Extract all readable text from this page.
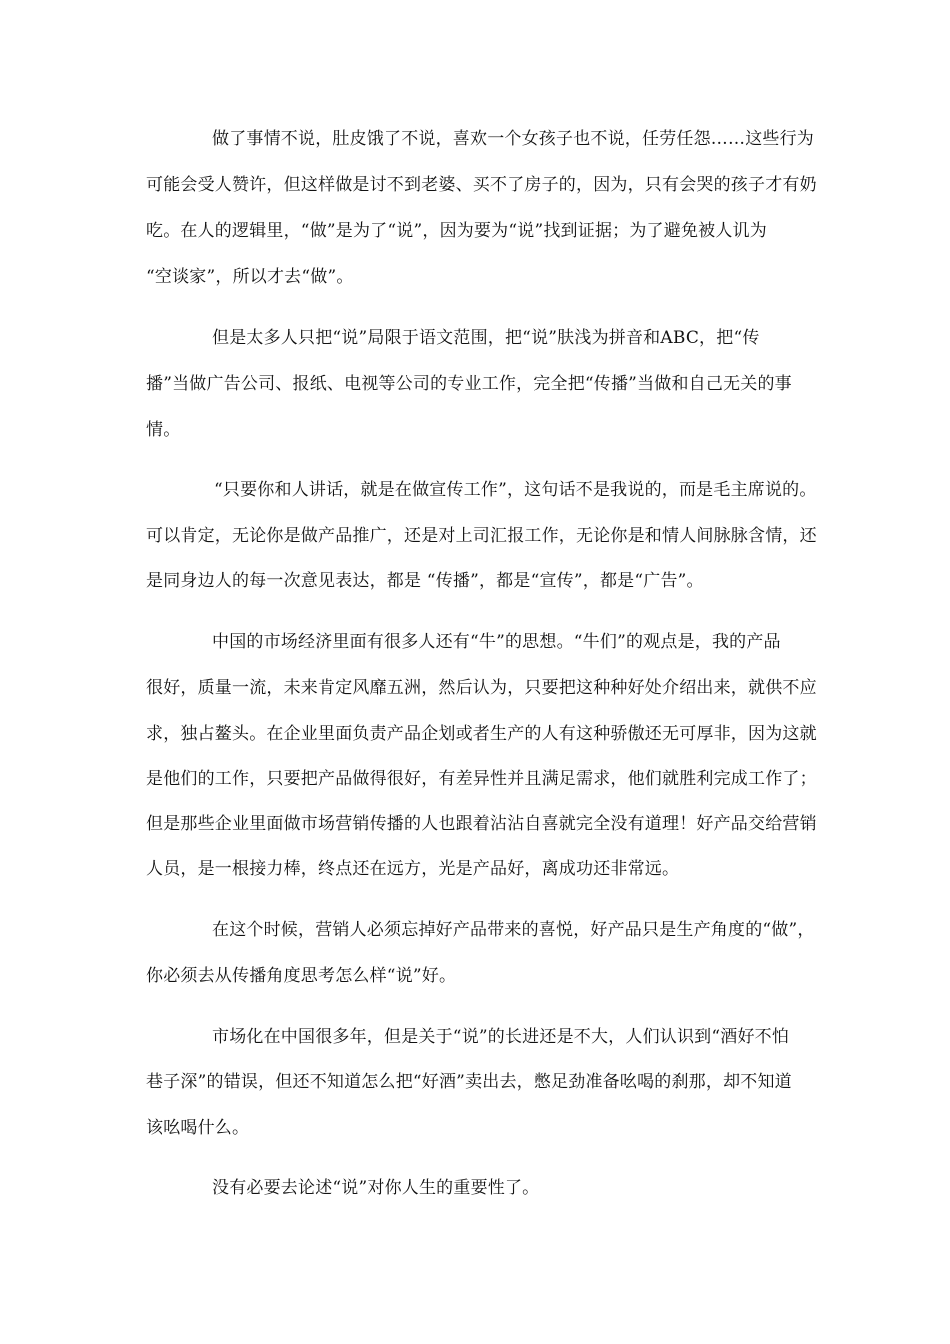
做了事情不说，肚皮饿了不说，喜欢一个女孩子也不说，任劳任怨……这些行为
可能会受人赞许，但这样做是讨不到老婆、买不了房子的，因为，只有会哭的孩子才有奶
吃。在人的逻辑里，“做”是为了“说”，因为要为“说”找到证据；为了避免被人讥为
“空谈家”，所以才去“做”。
但是太多人只把“说”局限于语文范围，把“说”肤浅为拼音和ABC，把“传
播”当做广告公司、报纸、电视等公司的专业工作，完全把“传播”当做和自己无关的事
情。
“只要你和人讲话，就是在做宣传工作”，这句话不是我说的，而是毛主席说的。
可以肯定，无论你是做产品推广，还是对上司汇报工作，无论你是和情人间脉脉含情，还
是同身边人的每一次意见表达，都是 “传播”，都是“宣传”，都是“广告”。
中国的市场经济里面有很多人还有“牛”的思想。“牛们”的观点是，我的产品
很好，质量一流，未来肯定风靡五洲，然后认为，只要把这种种好处介绍出来，就供不应
求，独占鳌头。在企业里面负责产品企划或者生产的人有这种骄傲还无可厚非，因为这就
是他们的工作，只要把产品做得很好，有差异性并且满足需求，他们就胜利完成工作了；
但是那些企业里面做市场营销传播的人也跟着沾沾自喜就完全没有道理！好产品交给营销
人员，是一根接力棒，终点还在远方，光是产品好，离成功还非常远。
在这个时候，营销人必须忘掉好产品带来的喜悦，好产品只是生产角度的“做”，
你必须去从传播角度思考怎么样“说”好。
市场化在中国很多年，但是关于“说”的长进还是不大，人们认识到“酒好不怕
巷子深”的错误，但还不知道怎么把“好酒”卖出去，憋足劲准备吆喝的刹那，却不知道
该吆喝什么。
没有必要去论述“说”对你人生的重要性了。
